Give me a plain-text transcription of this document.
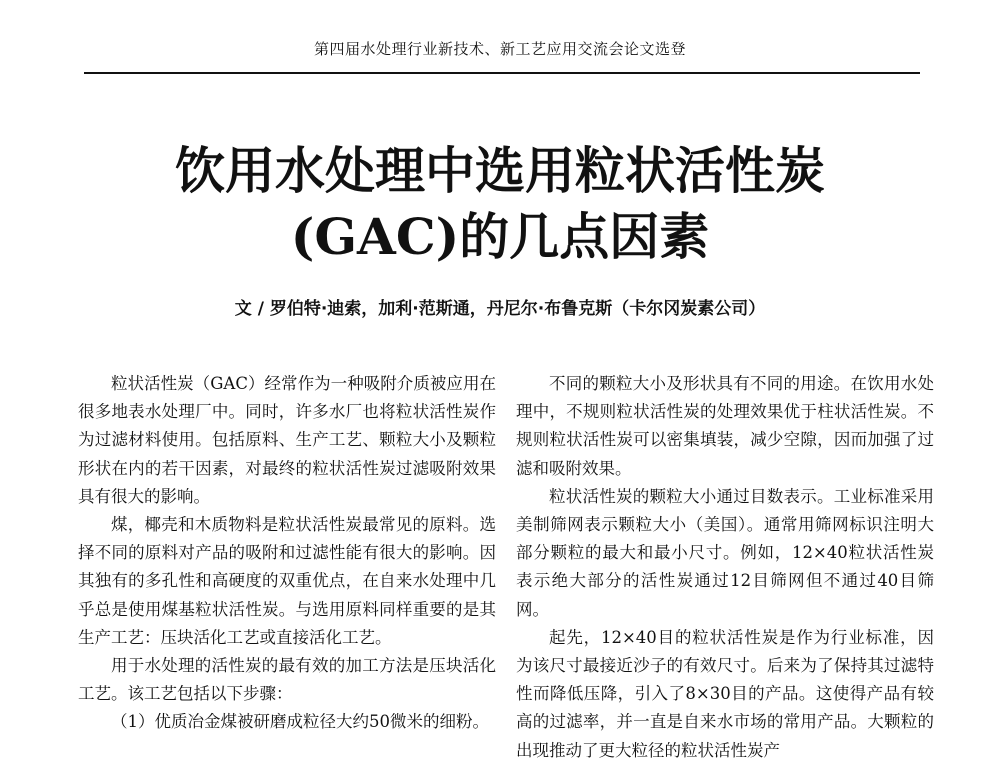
第四届水处理行业新技术、新工艺应用交流会论文选登
饮用水处理中选用粒状活性炭
(GAC)的几点因素
文 / 罗伯特·迪索，加利·范斯通，丹尼尔·布鲁克斯（卡尔冈炭素公司）

粒状活性炭（GAC）经常作为一种吸附介质被应用在很多地表水处理厂中。同时，许多水厂也将粒状活性炭作为过滤材料使用。包括原料、生产工艺、颗粒大小及颗粒形状在内的若干因素，对最终的粒状活性炭过滤吸附效果具有很大的影响。

煤，椰壳和木质物料是粒状活性炭最常见的原料。选择不同的原料对产品的吸附和过滤性能有很大的影响。因其独有的多孔性和高硬度的双重优点，在自来水处理中几乎总是使用煤基粒状活性炭。与选用原料同样重要的是其生产工艺：压块活化工艺或直接活化工艺。

用于水处理的活性炭的最有效的加工方法是压块活化工艺。该工艺包括以下步骤：

（1）优质冶金煤被研磨成粒径大约50微米的细粉。

不同的颗粒大小及形状具有不同的用途。在饮用水处理中，不规则粒状活性炭的处理效果优于柱状活性炭。不规则粒状活性炭可以密集填装，减少空隙，因而加强了过滤和吸附效果。

粒状活性炭的颗粒大小通过目数表示。工业标准采用美制筛网表示颗粒大小（美国）。通常用筛网标识注明大部分颗粒的最大和最小尺寸。例如，12×40粒状活性炭表示绝大部分的活性炭通过12目筛网但不通过40目筛网。

起先，12×40目的粒状活性炭是作为行业标准，因为该尺寸最接近沙子的有效尺寸。后来为了保持其过滤特性而降低压降，引入了8×30目的产品。这使得产品有较高的过滤率，并一直是自来水市场的常用产品。大颗粒的出现推动了更大粒径的粒状活性炭产
